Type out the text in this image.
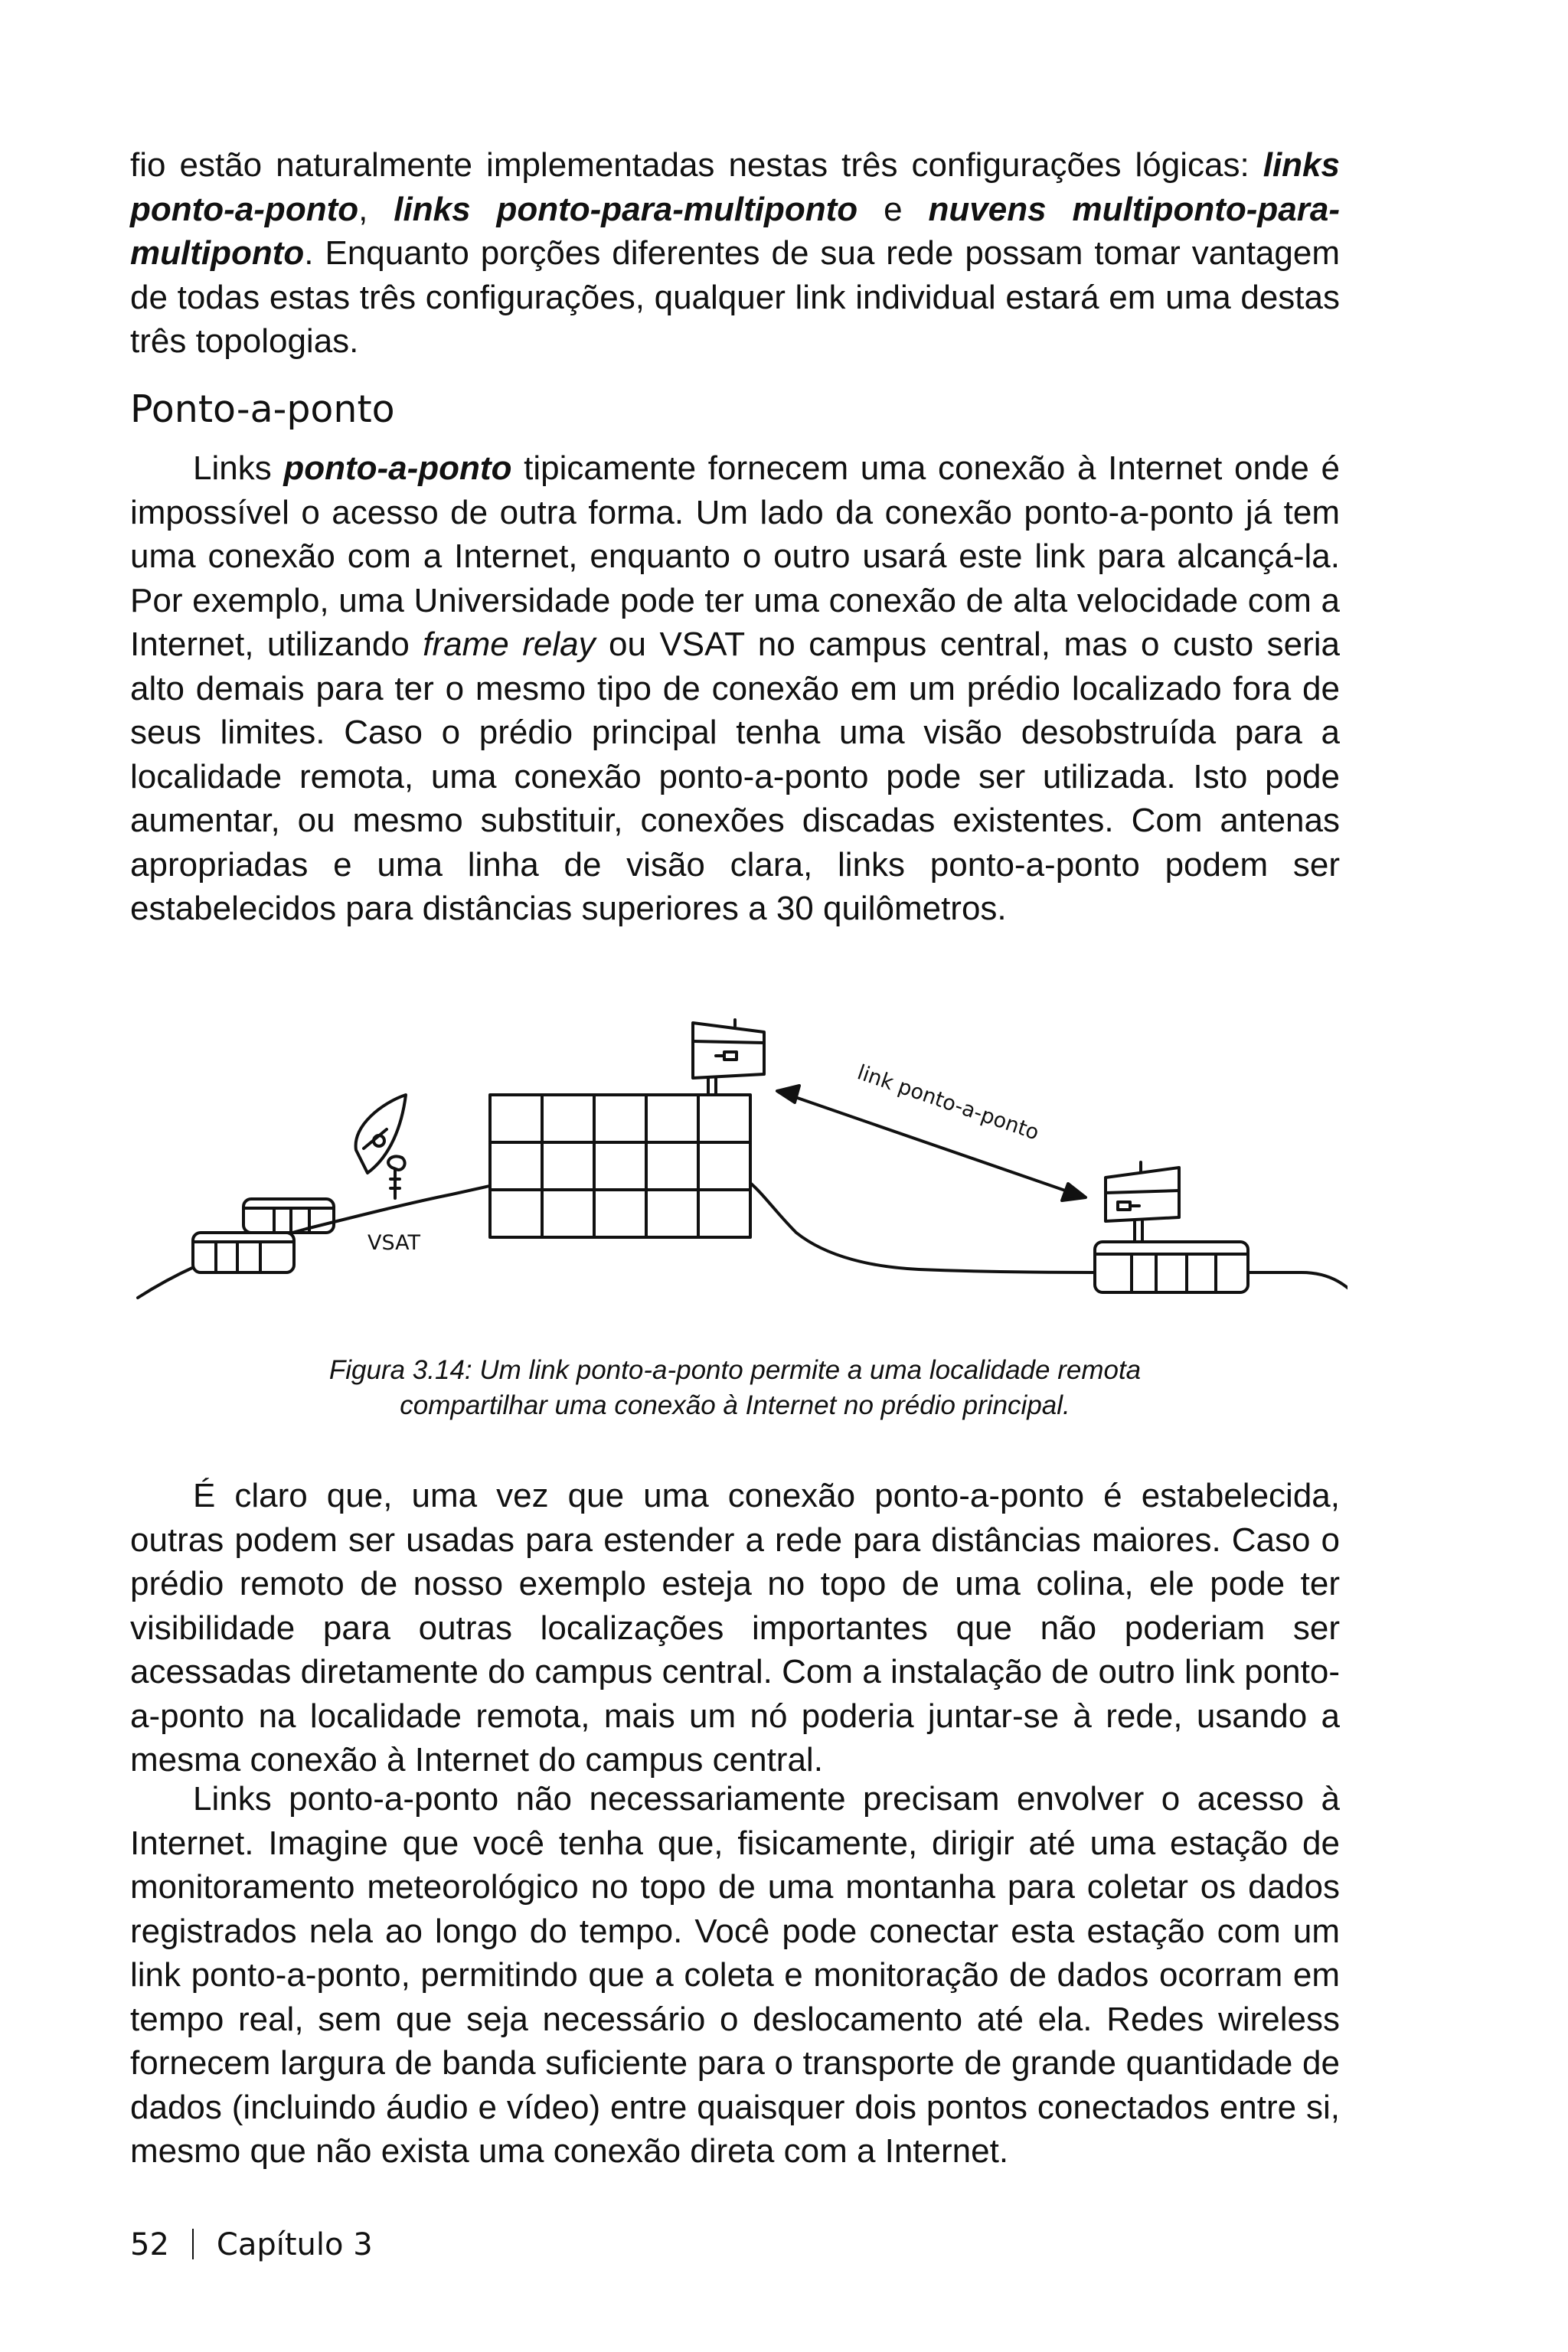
fio estão naturalmente implementadas nestas três configurações lógicas: links ponto-a-ponto, links ponto-para-multiponto e nuvens multiponto-para-multiponto. Enquanto porções diferentes de sua rede possam tomar vantagem de todas estas três configurações, qualquer link individual estará em uma destas três topologias.

Ponto-a-ponto

Links ponto-a-ponto tipicamente fornecem uma conexão à Internet onde é impossível o acesso de outra forma. Um lado da conexão ponto-a-ponto já tem uma conexão com a Internet, enquanto o outro usará este link para alcançá-la. Por exemplo, uma Universidade pode ter uma conexão de alta velocidade com a Internet, utilizando frame relay ou VSAT no campus central, mas o custo seria alto demais para ter o mesmo tipo de conexão em um prédio localizado fora de seus limites. Caso o prédio principal tenha uma visão desobstruída para a localidade remota, uma conexão ponto-a-ponto pode ser utilizada. Isto pode aumentar, ou mesmo substituir, conexões discadas existentes. Com antenas apropriadas e uma linha de visão clara, links ponto-a-ponto podem ser estabelecidos para distâncias superiores a 30 quilômetros.

VSAT
link ponto-a-ponto
Figura 3.14: Um link ponto-a-ponto permite a uma localidade remota
compartilhar uma conexão à Internet no prédio principal.

É claro que, uma vez que uma conexão ponto-a-ponto é estabelecida, outras podem ser usadas para estender a rede para distâncias maiores. Caso o prédio remoto de nosso exemplo esteja no topo de uma colina, ele pode ter visibilidade para outras localizações importantes que não poderiam ser acessadas diretamente do campus central. Com a instalação de outro link ponto-a-ponto na localidade remota, mais um nó poderia juntar-se à rede, usando a mesma conexão à Internet do campus central.

Links ponto-a-ponto não necessariamente precisam envolver o acesso à Internet. Imagine que você tenha que, fisicamente, dirigir até uma estação de monitoramento meteorológico no topo de uma montanha para coletar os dados registrados nela ao longo do tempo. Você pode conectar esta estação com um link ponto-a-ponto, permitindo que a coleta e monitoração de dados ocorram em tempo real, sem que seja necessário o deslocamento até ela. Redes wireless fornecem largura de banda suficiente para o transporte de grande quantidade de dados (incluindo áudio e vídeo) entre quaisquer dois pontos conectados entre si, mesmo que não exista uma conexão direta com a Internet.

52 Capítulo 3
